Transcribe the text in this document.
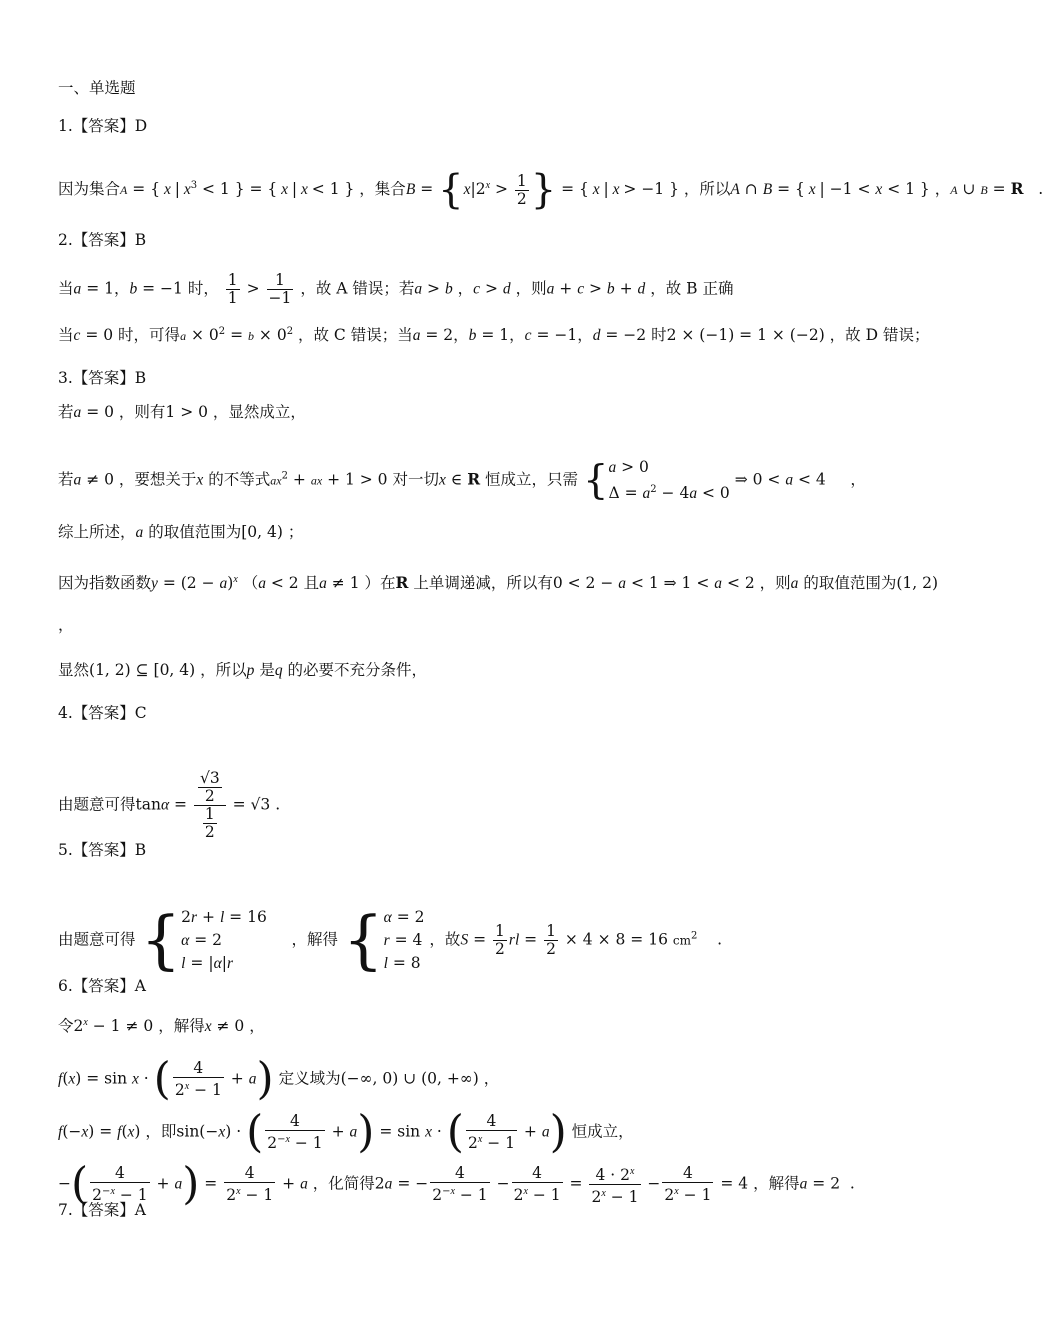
一、单选题
1.【答案】D
因为集合A = { x | $x^3 < 1$ } = { x | x < 1 } ，集合$B = \{x|2^x > \frac{1}{2}$ } = { x | x > −1 } ，所以A ∩ B = { x | −1 < x < 1 } ，A ∪ B = R .
2.【答案】B
当a = 1，b = −1 时， $\frac{1}{1} > \frac{1}{-1}$ ，故 A 错误；若a > b ，c > d ，则a + c > b + d ，故 B 正确
当c = 0 时，可得$a \times 0^2 = b \times 0^2$ ，故 C 错误；当a = 2，b = 1，c = −1，d = −2 时2 × (−1) = 1 × (−2) ，故 D 错误；
3.【答案】B
若a = 0 ，则有1 > 0 ，显然成立，
若a ≠ 0 ，要想关于x 的不等式$ax^2$ + ax + 1 > 0 对一切x ∈ R 恒成立，只需 { a > 0
$\Delta = a^2 - 4a < 0$
⇒ 0 < a < 4     ，
综上所述，a 的取值范围为[0, 4) ；
因为指数函数$y = (2 - a)^x$ （a < 2 且a ≠ 1 ）在R 上单调递减，所以有0 < 2 − a < 1 ⇒ 1 < a < 2 ，则a 的取值范围为(1, 2)
，
显然(1, 2) ⊆ [0, 4) ，所以p 是q 的必要不充分条件，
4.【答案】C
由题意可得$\tan\alpha = \frac{\frac{√3}{2}}{\frac{1}{2}} = √3$ .
5.【答案】B
由题意可得 { 2r + l = 16
α = 2
l = |α|r
，解得 { α = 2
r = 4
l = 8
，故$S = \frac{1}{2}$ rl = $\frac{1}{2} \times 4 \times 8 = 16$ $cm^2$ .
6.【答案】A
令$2^x - 1 \ne 0$ ，解得x ≠ 0 ，
f(x) = sin x · ( $\frac{4}{2^x - 1} + a$) 定义域为(−∞, 0) ∪ (0, +∞) ，
f(−x) = f(x) ，即sin(−x) · ( $\frac{4}{2^{-x} - 1} + a) = \sin x$ · ( $\frac{4}{2^x - 1} + a$) 恒成立，
−( $\frac{4}{2^{-x} - 1} + a) = \frac{4}{2^x - 1} + a$ ，化简得2a = − $\frac{4}{2^{-x} - 1} - \frac{4}{2^x - 1} = \frac{4 \cdot 2^x}{2^x - 1} - \frac{4}{2^x - 1} = 4$ ，解得a = 2  .
7.【答案】A
